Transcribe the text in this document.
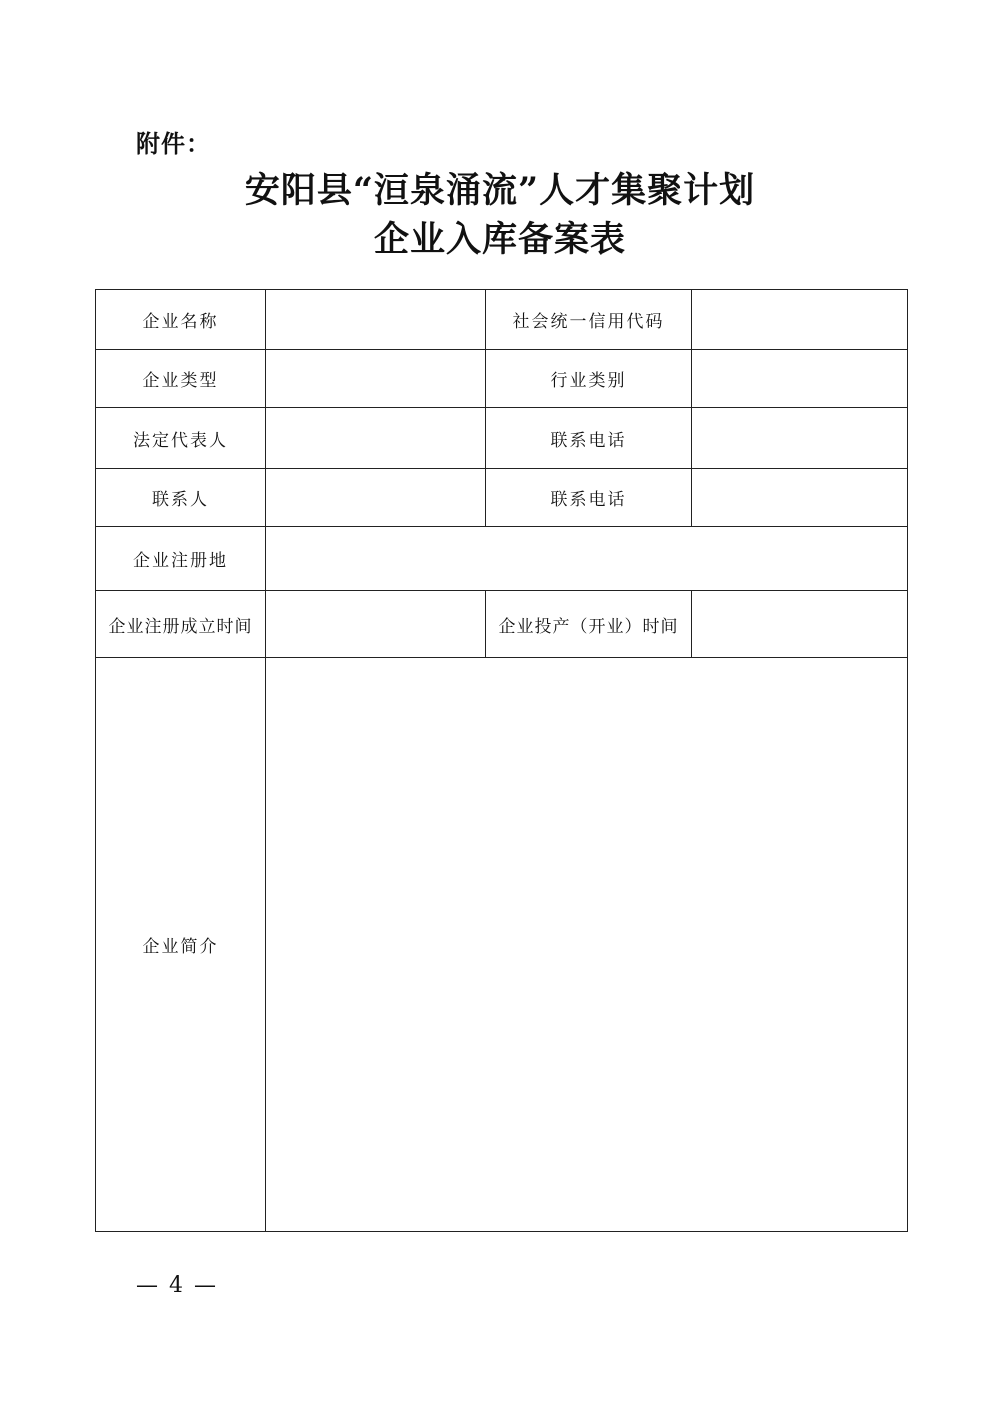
附件：
安阳县“洹泉涌流”人才集聚计划
企业入库备案表
企业名称		社会统一信用代码	
企业类型		行业类别	
法定代表人		联系电话	
联系人		联系电话	
企业注册地			
企业注册成立时间		企业投产（开业）时间	
企业简介			
— 4 —
